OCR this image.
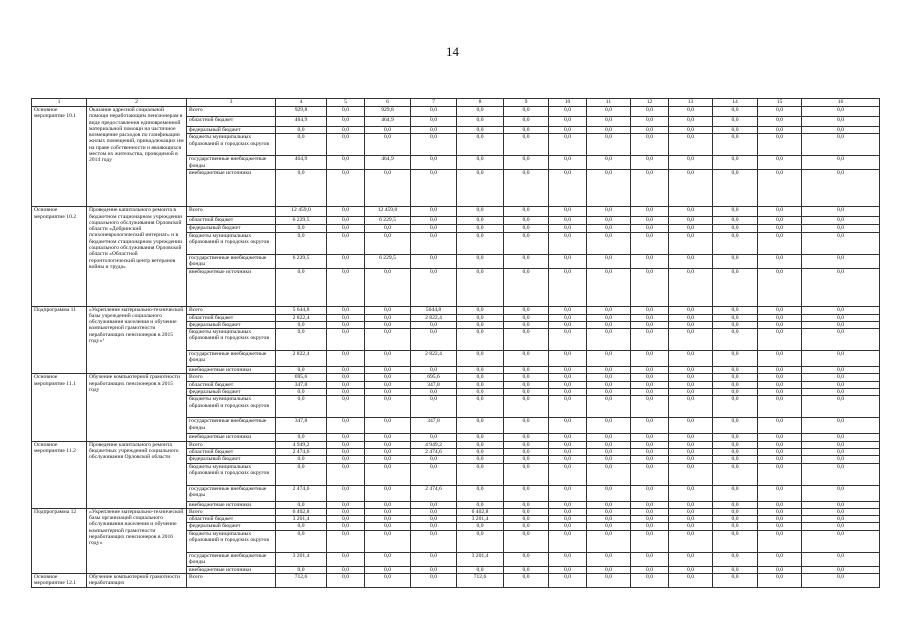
14
1	2	3	4	5	6	7	8	9	10	11	12	13	14	15	16
Основное мероприятие 10.1	Оказание адресной социальной помощи неработающим пенсионерам в виде предоставления единовременной материальной помощи на частичное возмещение расходов по газификации жилых помещений, принадлежащих им на праве собственности и являющихся местом их жительства, проводимой в 2014 году	Всего	929,8	0,0	929,8	0,0	0,0	0,0	0,0	0,0	0,0	0,0	0,0	0,0	0,0
		областной бюджет	464,9	0,0	464,9	0,0	0,0	0,0	0,0	0,0	0,0	0,0	0,0	0,0	0,0
		федеральный бюджет	0,0	0,0	0,0	0,0	0,0	0,0	0,0	0,0	0,0	0,0	0,0	0,0	0,0
		бюджеты муниципальных образований и городских округов	0,0	0,0	0,0	0,0	0,0	0,0	0,0	0,0	0,0	0,0	0,0	0,0	0,0
		государственные внебюджетные фонды	464,9	0,0	464,9	0,0	0,0	0,0	0,0	0,0	0,0	0,0	0,0	0,0	0,0
		внебюджетные источники	0,0	0,0	0,0	0,0	0,0	0,0	0,0	0,0	0,0	0,0	0,0	0,0	0,0
Основное мероприятие 10.2	Проведение капитального ремонта в бюджетном стационарном учреждении социального обслуживания Орловской области «Добринский психоневрологический интернат» и в бюджетном стационарном учреждении социального обслуживания Орловской области «Областной геронтологический центр ветеранов войны и труда»	Всего	12 459,0	0,0	12 459,0	0,0	0,0	0,0	0,0	0,0	0,0	0,0	0,0	0,0	0,0
		областной бюджет	6 229,5	0,0	6 229,5	0,0	0,0	0,0	0,0	0,0	0,0	0,0	0,0	0,0	0,0
		федеральный бюджет	0,0	0,0	0,0	0,0	0,0	0,0	0,0	0,0	0,0	0,0	0,0	0,0	0,0
		бюджеты муниципальных образований и городских округов	0,0	0,0	0,0	0,0	0,0	0,0	0,0	0,0	0,0	0,0	0,0	0,0	0,0
		государственные внебюджетные фонды	6 229,5	0,0	6 229,5	0,0	0,0	0,0	0,0	0,0	0,0	0,0	0,0	0,0	0,0
		внебюджетные источники	0,0	0,0	0,0	0,0	0,0	0,0	0,0	0,0	0,0	0,0	0,0	0,0	0,0
Подпрограмма 11	«Укрепление материально-технической базы учреждений социального обслуживания населения и обучение компьютерной грамотности неработающих пенсионеров в 2015 году»¹	Всего	5 644,8	0,0	0,0	5644,8	0,0	0,0	0,0	0,0	0,0	0,0	0,0	0,0	0,0
		областной бюджет	2 822,4	0,0	0,0	2 822,4	0,0	0,0	0,0	0,0	0,0	0,0	0,0	0,0	0,0
		федеральный бюджет	0,0	0,0	0,0	0,0	0,0	0,0	0,0	0,0	0,0	0,0	0,0	0,0	0,0
		бюджеты муниципальных образований и городских округов	0,0	0,0	0,0	0,0	0,0	0,0	0,0	0,0	0,0	0,0	0,0	0,0	0,0
		государственные внебюджетные фонды	2 822,4	0,0	0,0	2 822,4	0,0	0,0	0,0	0,0	0,0	0,0	0,0	0,0	0,0
		внебюджетные источники	0,0	0,0	0,0	0,0	0,0	0,0	0,0	0,0	0,0	0,0	0,0	0,0	0,0
Основное мероприятие 11.1	Обучение компьютерной грамотности неработающих пенсионеров в 2015 году	Всего	695,6	0,0	0,0	695,6	0,0	0,0	0,0	0,0	0,0	0,0	0,0	0,0	0,0
		областной бюджет	347,8	0,0	0,0	347,8	0,0	0,0	0,0	0,0	0,0	0,0	0,0	0,0	0,0
		федеральный бюджет	0,0	0,0	0,0	0,0	0,0	0,0	0,0	0,0	0,0	0,0	0,0	0,0	0,0
		бюджеты муниципальных образований и городских округов	0,0	0,0	0,0	0,0	0,0	0,0	0,0	0,0	0,0	0,0	0,0	0,0	0,0
		государственные внебюджетные фонды	347,8	0,0	0,0	347,8	0,0	0,0	0,0	0,0	0,0	0,0	0,0	0,0	0,0
		внебюджетные источники	0,0	0,0	0,0	0,0	0,0	0,0	0,0	0,0	0,0	0,0	0,0	0,0	0,0
Основное мероприятие 11.2	Проведение капитального ремонта бюджетных учреждений социального обслуживания Орловской области	Всего	4 949,2	0,0	0,0	4 949,2	0,0	0,0	0,0	0,0	0,0	0,0	0,0	0,0	0,0
		областной бюджет	2 474,6	0,0	0,0	2 474,6	0,0	0,0	0,0	0,0	0,0	0,0	0,0	0,0	0,0
		федеральный бюджет	0,0	0,0	0,0	0,0	0,0	0,0	0,0	0,0	0,0	0,0	0,0	0,0	0,0
		бюджеты муниципальных образований и городских округов	0,0	0,0	0,0	0,0	0,0	0,0	0,0	0,0	0,0	0,0	0,0	0,0	0,0
		государственные внебюджетные фонды	2 474,6	0,0	0,0	2 474,6	0,0	0,0	0,0	0,0	0,0	0,0	0,0	0,0	0,0
		внебюджетные источники	0,0	0,0	0,0	0,0	0,0	0,0	0,0	0,0	0,0	0,0	0,0	0,0	0,0
Подпрограмма 12	«Укрепление материально-технической базы организаций социального обслуживания населения и обучение компьютерной грамотности неработающих пенсионеров в 2016 году»	Всего	6 402,8	0,0	0,0	0,0	6 402,8	0,0	0,0	0,0	0,0	0,0	0,0	0,0	0,0
		областной бюджет	3 201,4	0,0	0,0	0,0	3 201,4	0,0	0,0	0,0	0,0	0,0	0,0	0,0	0,0
		федеральный бюджет	0,0	0,0	0,0	0,0	0,0	0,0	0,0	0,0	0,0	0,0	0,0	0,0	0,0
		бюджеты муниципальных образований и городских округов	0,0	0,0	0,0	0,0	0,0	0,0	0,0	0,0	0,0	0,0	0,0	0,0	0,0
		государственные внебюджетные фонды	3 201,4	0,0	0,0	0,0	3 201,4	0,0	0,0	0,0	0,0	0,0	0,0	0,0	0,0
		внебюджетные источники	0,0	0,0	0,0	0,0	0,0	0,0	0,0	0,0	0,0	0,0	0,0	0,0	0,0
Основное мероприятие 12.1	Обучение компьютерной грамотности неработающих	Всего	712,6	0,0	0,0	0,0	712,6	0,0	0,0	0,0	0,0	0,0	0,0	0,0	0,0
